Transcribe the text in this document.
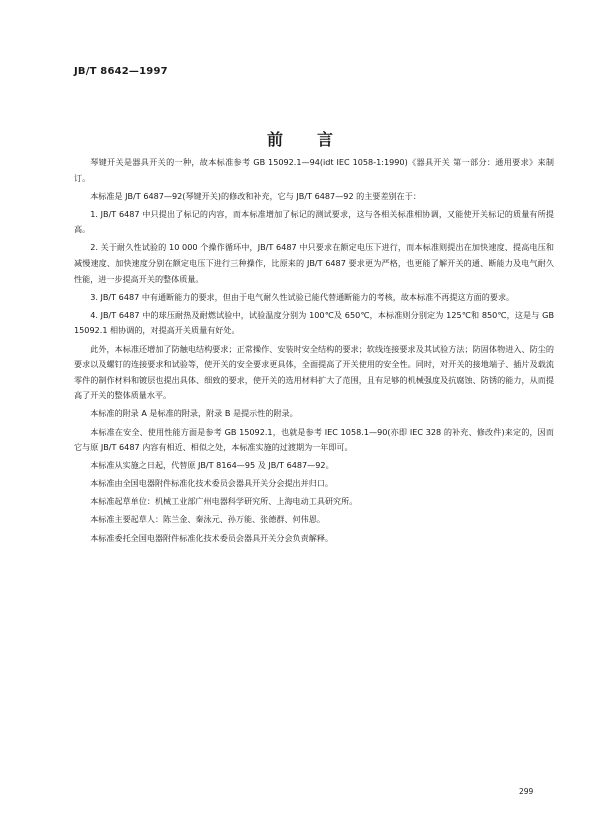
JB/T 8642—1997
前 言

琴键开关是器具开关的一种，故本标准参考 GB 15092.1—94(idt IEC 1058-1:1990)《器具开关 第一部分：通用要求》来制订。

本标准是 JB/T 6487—92(琴键开关)的修改和补充，它与 JB/T 6487—92 的主要差别在于：

1. JB/T 6487 中只提出了标记的内容，而本标准增加了标记的测试要求，这与各相关标准相协调，又能使开关标记的质量有所提高。

2. 关于耐久性试验的 10 000 个操作循环中，JB/T 6487 中只要求在额定电压下进行，而本标准则提出在加快速度、提高电压和减慢速度、加快速度分别在额定电压下进行三种操作，比原来的 JB/T 6487 要求更为严格，也更能了解开关的通、断能力及电气耐久性能，进一步提高开关的整体质量。

3. JB/T 6487 中有通断能力的要求，但由于电气耐久性试验已能代替通断能力的考核，故本标准不再提这方面的要求。

4. JB/T 6487 中的球压耐热及耐燃试验中，试验温度分别为 100℃及 650℃，本标准则分别定为 125℃和 850℃，这是与 GB 15092.1 相协调的，对提高开关质量有好处。

此外，本标准还增加了防触电结构要求；正常操作、安装时安全结构的要求；软线连接要求及其试验方法；防固体物进入、防尘的要求以及螺钉的连接要求和试验等，使开关的安全要求更具体，全面提高了开关使用的安全性。同时，对开关的接地端子、插片及载流零件的制作材料和镀层也提出具体、细致的要求，使开关的选用材料扩大了范围，且有足够的机械强度及抗腐蚀、防锈的能力，从而提高了开关的整体质量水平。

本标准的附录 A 是标准的附录，附录 B 是提示性的附录。

本标准在安全、使用性能方面是参考 GB 15092.1，也就是参考 IEC 1058.1—90(亦即 IEC 328 的补充、修改件)来定的，因而它与原 JB/T 6487 内容有相近、相似之处，本标准实施的过渡期为一年即可。

本标准从实施之日起，代替原 JB/T 8164—95 及 JB/T 6487—92。

本标准由全国电器附件标准化技术委员会器具开关分会提出并归口。

本标准起草单位：机械工业部广州电器科学研究所、上海电动工具研究所。

本标准主要起草人：陈兰金、秦泳元、孙万能、张德群、何伟恩。

本标准委托全国电器附件标准化技术委员会器具开关分会负责解释。

299
